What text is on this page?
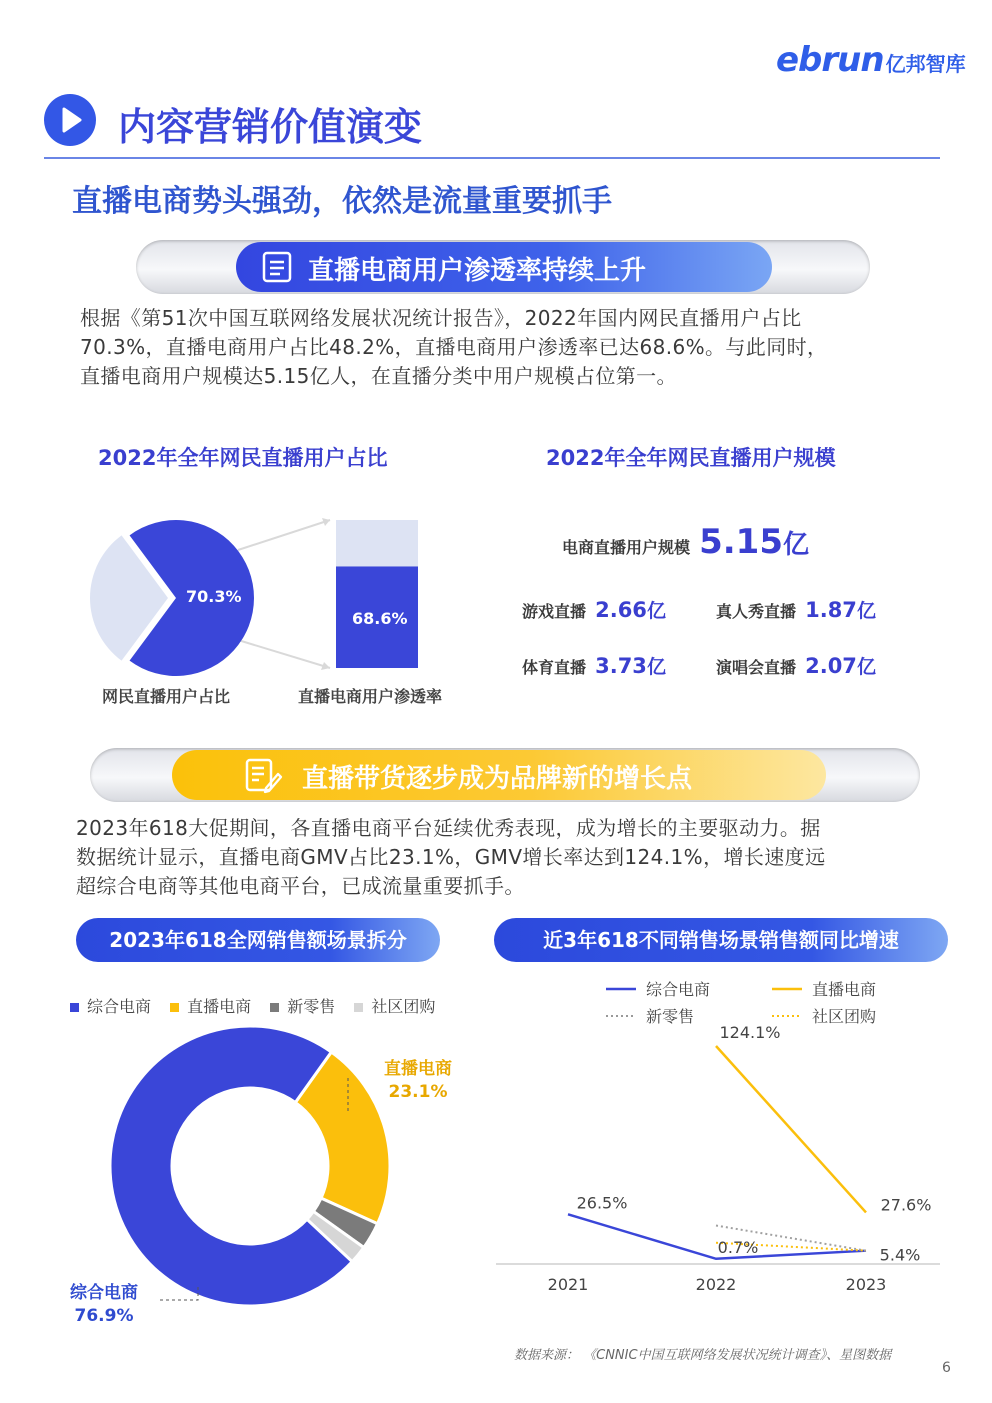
ebrun 亿邦智库
内容营销价值演变
直播电商势头强劲，依然是流量重要抓手
直播电商用户渗透率持续上升
根据《第51次中国互联网络发展状况统计报告》，2022年国内网民直播用户占比
70.3%，直播电商用户占比48.2%，直播电商用户渗透率已达68.6%。与此同时，
直播电商用户规模达5.15亿人，在直播分类中用户规模占位第一。
2022年全年网民直播用户占比
70.3%
68.6%
网民直播用户占比	直播电商用户渗透率
2022年全年网民直播用户规模
电商直播用户规模 5.15亿
游戏直播 2.66亿	真人秀直播 1.87亿
体育直播 3.73亿	演唱会直播 2.07亿
直播带货逐步成为品牌新的增长点
2023年618大促期间，各直播电商平台延续优秀表现，成为增长的主要驱动力。据
数据统计显示，直播电商GMV占比23.1%，GMV增长率达到124.1%，增长速度远
超综合电商等其他电商平台，已成流量重要抓手。
2023年618全网销售额场景拆分	近3年618不同销售场景销售额同比增速
综合电商 直播电商 新零售 社区团购
直播电商
23.1%
综合电商
76.9%
综合电商	直播电商
新零售	社区团购
2021	2022	2023
26.5%
124.1%
0.7%
27.6%
5.4%
数据来源： 《CNNIC中国互联网络发展状况统计调查》、星图数据
6
